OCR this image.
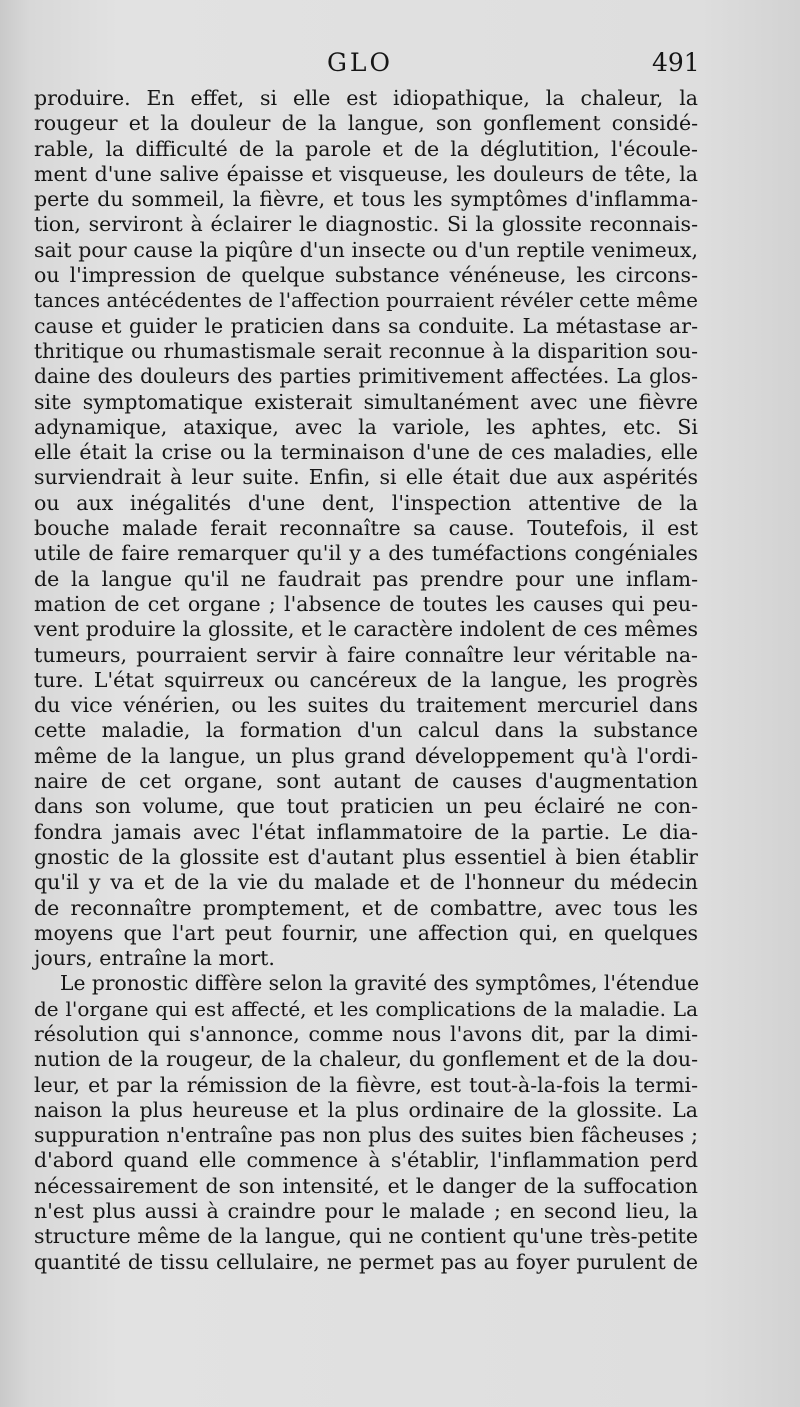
GLO	491
produire. En effet, si elle est idiopathique, la chaleur, la
rougeur et la douleur de la langue, son gonflement considé-
rable, la difficulté de la parole et de la déglutition, l'écoule-
ment d'une salive épaisse et visqueuse, les douleurs de tête, la
perte du sommeil, la fièvre, et tous les symptômes d'inflamma-
tion, serviront à éclairer le diagnostic. Si la glossite reconnais-
sait pour cause la piqûre d'un insecte ou d'un reptile venimeux,
ou l'impression de quelque substance vénéneuse, les circons-
tances antécédentes de l'affection pourraient révéler cette même
cause et guider le praticien dans sa conduite. La métastase ar-
thritique ou rhumastismale serait reconnue à la disparition sou-
daine des douleurs des parties primitivement affectées. La glos-
site symptomatique existerait simultanément avec une fièvre
adynamique, ataxique, avec la variole, les aphtes, etc. Si
elle était la crise ou la terminaison d'une de ces maladies, elle
surviendrait à leur suite. Enfin, si elle était due aux aspérités
ou aux inégalités d'une dent, l'inspection attentive de la
bouche malade ferait reconnaître sa cause. Toutefois, il est
utile de faire remarquer qu'il y a des tuméfactions congéniales
de la langue qu'il ne faudrait pas prendre pour une inflam-
mation de cet organe ; l'absence de toutes les causes qui peu-
vent produire la glossite, et le caractère indolent de ces mêmes
tumeurs, pourraient servir à faire connaître leur véritable na-
ture. L'état squirreux ou cancéreux de la langue, les progrès
du vice vénérien, ou les suites du traitement mercuriel dans
cette maladie, la formation d'un calcul dans la substance
même de la langue, un plus grand développement qu'à l'ordi-
naire de cet organe, sont autant de causes d'augmentation
dans son volume, que tout praticien un peu éclairé ne con-
fondra jamais avec l'état inflammatoire de la partie. Le dia-
gnostic de la glossite est d'autant plus essentiel à bien établir
qu'il y va et de la vie du malade et de l'honneur du médecin
de reconnaître promptement, et de combattre, avec tous les
moyens que l'art peut fournir, une affection qui, en quelques
jours, entraîne la mort.
Le pronostic diffère selon la gravité des symptômes, l'étendue
de l'organe qui est affecté, et les complications de la maladie. La
résolution qui s'annonce, comme nous l'avons dit, par la dimi-
nution de la rougeur, de la chaleur, du gonflement et de la dou-
leur, et par la rémission de la fièvre, est tout-à-la-fois la termi-
naison la plus heureuse et la plus ordinaire de la glossite. La
suppuration n'entraîne pas non plus des suites bien fâcheuses ;
d'abord quand elle commence à s'établir, l'inflammation perd
nécessairement de son intensité, et le danger de la suffocation
n'est plus aussi à craindre pour le malade ; en second lieu, la
structure même de la langue, qui ne contient qu'une très-petite
quantité de tissu cellulaire, ne permet pas au foyer purulent de
